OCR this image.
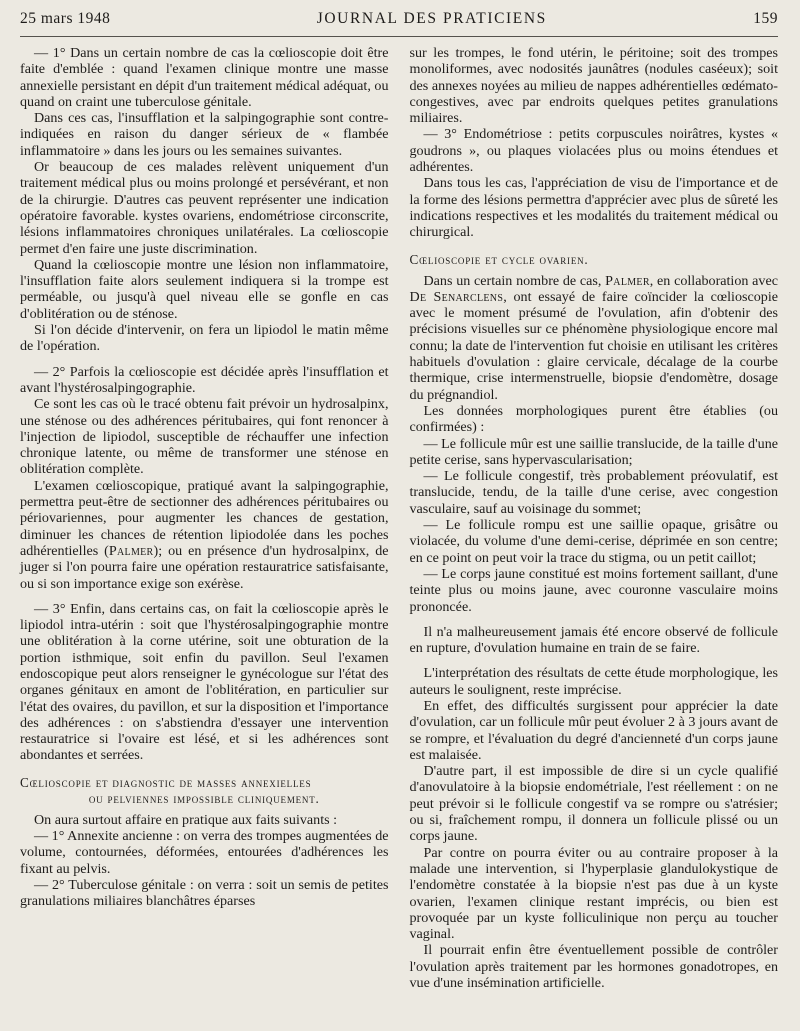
25 mars 1948	JOURNAL DES PRATICIENS	159

— 1° Dans un certain nombre de cas la cœlioscopie doit être faite d'emblée : quand l'examen clinique montre une masse annexielle persistant en dépit d'un traitement médical adéquat, ou quand on craint une tuberculose génitale.

Dans ces cas, l'insufflation et la salpingographie sont contre-indiquées en raison du danger sérieux de « flambée inflammatoire » dans les jours ou les semaines suivantes.

Or beaucoup de ces malades relèvent uniquement d'un traitement médical plus ou moins prolongé et persévérant, et non de la chirurgie. D'autres cas peuvent représenter une indication opératoire favorable. kystes ovariens, endométriose circonscrite, lésions inflammatoires chroniques unilatérales. La cœlioscopie permet d'en faire une juste discrimination.

Quand la cœlioscopie montre une lésion non inflammatoire, l'insufflation faite alors seulement indiquera si la trompe est perméable, ou jusqu'à quel niveau elle se gonfle en cas d'oblitération ou de sténose.

Si l'on décide d'intervenir, on fera un lipiodol le matin même de l'opération.

— 2° Parfois la cœlioscopie est décidée après l'insufflation et avant l'hystérosalpingographie.

Ce sont les cas où le tracé obtenu fait prévoir un hydrosalpinx, une sténose ou des adhérences péritubaires, qui font renoncer à l'injection de lipiodol, susceptible de réchauffer une infection chronique latente, ou même de transformer une sténose en oblitération complète.

L'examen cœlioscopique, pratiqué avant la salpingographie, permettra peut-être de sectionner des adhérences péritubaires ou périovariennes, pour augmenter les chances de gestation, diminuer les chances de rétention lipiodolée dans les poches adhérentielles (Palmer); ou en présence d'un hydrosalpinx, de juger si l'on pourra faire une opération restauratrice satisfaisante, ou si son importance exige son exérèse.

— 3° Enfin, dans certains cas, on fait la cœlioscopie après le lipiodol intra-utérin : soit que l'hystérosalpingographie montre une oblitération à la corne utérine, soit une obturation de la portion isthmique, soit enfin du pavillon. Seul l'examen endoscopique peut alors renseigner le gynécologue sur l'état des organes génitaux en amont de l'oblitération, en particulier sur l'état des ovaires, du pavillon, et sur la disposition et l'importance des adhérences : on s'abstiendra d'essayer une intervention restauratrice si l'ovaire est lésé, et si les adhérences sont abondantes et serrées.

Cœlioscopie et diagnostic de masses annexielles
ou pelviennes impossible cliniquement.

On aura surtout affaire en pratique aux faits suivants :

— 1° Annexite ancienne : on verra des trompes augmentées de volume, contournées, déformées, entourées d'adhérences les fixant au pelvis.

— 2° Tuberculose génitale : on verra : soit un semis de petites granulations miliaires blanchâtres éparses

sur les trompes, le fond utérin, le péritoine; soit des trompes monoliformes, avec nodosités jaunâtres (nodules caséeux); soit des annexes noyées au milieu de nappes adhérentielles œdémato-congestives, avec par endroits quelques petites granulations miliaires.

— 3° Endométriose : petits corpuscules noirâtres, kystes « goudrons », ou plaques violacées plus ou moins étendues et adhérentes.

Dans tous les cas, l'appréciation de visu de l'importance et de la forme des lésions permettra d'apprécier avec plus de sûreté les indications respectives et les modalités du traitement médical ou chirurgical.

Cœlioscopie et cycle ovarien.

Dans un certain nombre de cas, Palmer, en collaboration avec De Senarclens, ont essayé de faire coïncider la cœlioscopie avec le moment présumé de l'ovulation, afin d'obtenir des précisions visuelles sur ce phénomène physiologique encore mal connu; la date de l'intervention fut choisie en utilisant les critères habituels d'ovulation : glaire cervicale, décalage de la courbe thermique, crise intermenstruelle, biopsie d'endomètre, dosage du prégnandiol.

Les données morphologiques purent être établies (ou confirmées) :

— Le follicule mûr est une saillie translucide, de la taille d'une petite cerise, sans hypervascularisation;

— Le follicule congestif, très probablement préovulatif, est translucide, tendu, de la taille d'une cerise, avec congestion vasculaire, sauf au voisinage du sommet;

— Le follicule rompu est une saillie opaque, grisâtre ou violacée, du volume d'une demi-cerise, déprimée en son centre; en ce point on peut voir la trace du stigma, ou un petit caillot;

— Le corps jaune constitué est moins fortement saillant, d'une teinte plus ou moins jaune, avec couronne vasculaire moins prononcée.

Il n'a malheureusement jamais été encore observé de follicule en rupture, d'ovulation humaine en train de se faire.

L'interprétation des résultats de cette étude morphologique, les auteurs le soulignent, reste imprécise.

En effet, des difficultés surgissent pour apprécier la date d'ovulation, car un follicule mûr peut évoluer 2 à 3 jours avant de se rompre, et l'évaluation du degré d'ancienneté d'un corps jaune est malaisée.

D'autre part, il est impossible de dire si un cycle qualifié d'anovulatoire à la biopsie endométriale, l'est réellement : on ne peut prévoir si le follicule congestif va se rompre ou s'atrésier; ou si, fraîchement rompu, il donnera un follicule plissé ou un corps jaune.

Par contre on pourra éviter ou au contraire proposer à la malade une intervention, si l'hyperplasie glandulokystique de l'endomètre constatée à la biopsie n'est pas due à un kyste ovarien, l'examen clinique restant imprécis, ou bien est provoquée par un kyste folliculinique non perçu au toucher vaginal.

Il pourrait enfin être éventuellement possible de contrôler l'ovulation après traitement par les hormones gonadotropes, en vue d'une insémination artificielle.
